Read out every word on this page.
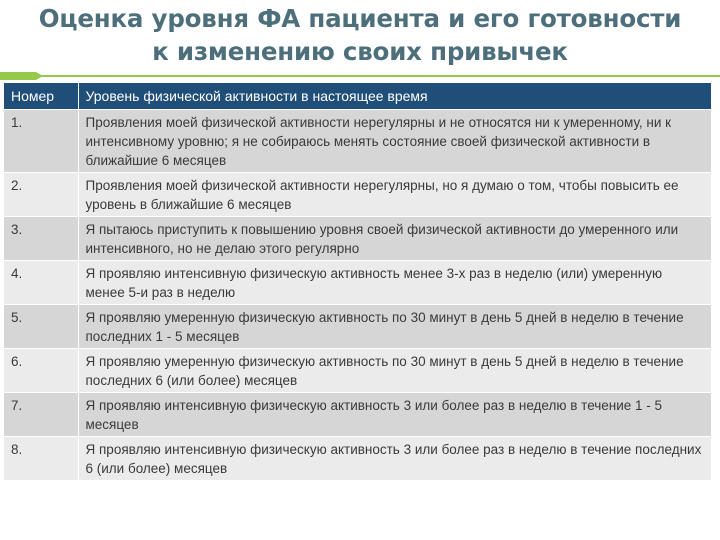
Оценка уровня ФА пациента и его готовности
к изменению своих привычек
Номер	Уровень физической активности в настоящее время
1.	Проявления моей физической активности нерегулярны и не относятся ни к умеренному, ни к интенсивному уровню; я не собираюсь менять состояние своей физической активности в ближайшие 6 месяцев
2.	Проявления моей физической активности нерегулярны, но я думаю о том, чтобы повысить ее уровень в ближайшие 6 месяцев
3.	Я пытаюсь приступить к повышению уровня своей физической активности до умеренного или интенсивного, но не делаю этого регулярно
4.	Я проявляю интенсивную физическую активность менее 3-х раз в неделю (или) умеренную менее 5-и раз в неделю
5.	Я проявляю умеренную физическую активность по 30 минут в день 5 дней в неделю в течение последних 1 - 5 месяцев
6.	Я проявляю умеренную физическую активность по 30 минут в день 5 дней в неделю в течение последних 6 (или более) месяцев
7.	Я проявляю интенсивную физическую активность 3 или более раз в неделю в течение 1 - 5 месяцев
8.	Я проявляю интенсивную физическую активность 3 или более раз в неделю в течение последних 6 (или более) месяцев
